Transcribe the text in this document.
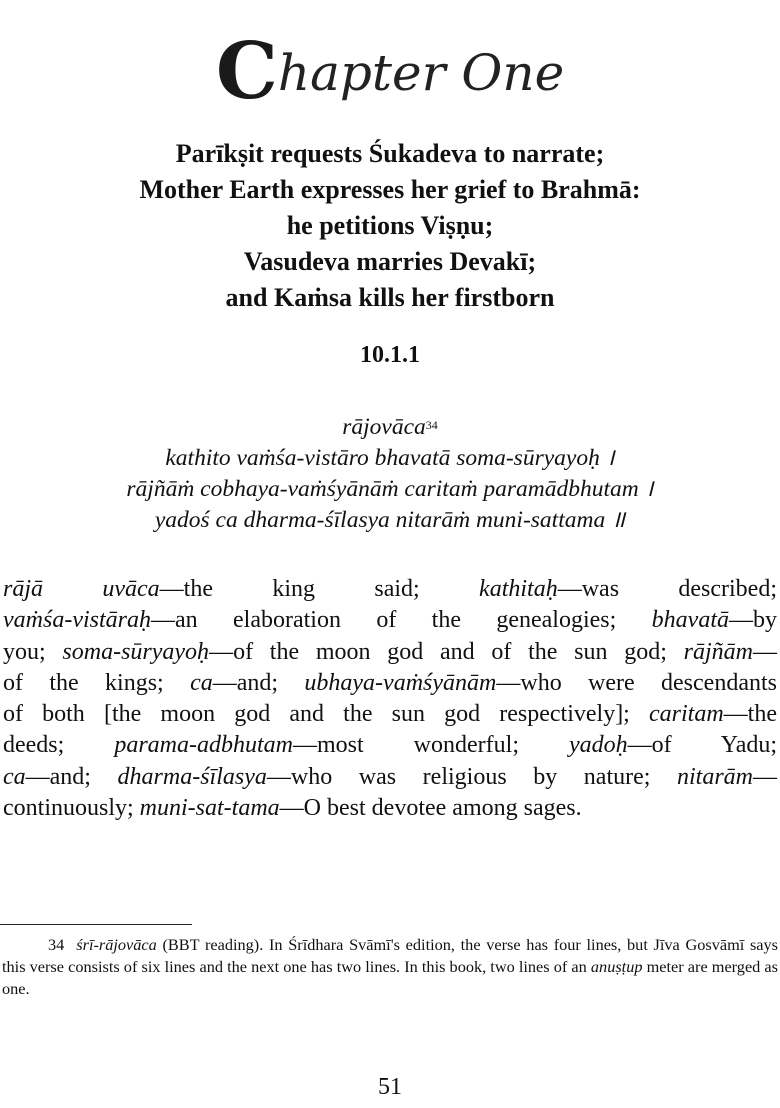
Chapter One
Parīkṣit requests Śukadeva to narrate;
Mother Earth expresses her grief to Brahmā:
he petitions Viṣṇu;
Vasudeva marries Devakī;
and Kaṁsa kills her firstborn
10.1.1
rājovāca$^{34}$
kathito vaṁśa-vistāro bhavatā soma-sūryayoḥ ।
rājñāṁ cobhaya-vaṁśyānāṁ caritaṁ paramādbhutam ।
yadoś ca dharma-śīlasya nitarāṁ muni-sattama ॥
rājā uvāca—the king said; kathitaḥ—was described;
vaṁśa-vistāraḥ—an elaboration of the genealogies; bhavatā—by
you; soma-sūryayoḥ—of the moon god and of the sun god; rājñām—
of the kings; ca—and; ubhaya-vaṁśyānām—who were descendants
of both [the moon god and the sun god respectively]; caritam—the
deeds; parama-adbhutam—most wonderful; yadoḥ—of Yadu;
ca—and; dharma-śīlasya—who was religious by nature; nitarām—
continuously; muni-sat-tama—O best devotee among sages.
34 śrī-rājovāca (BBT reading). In Śrīdhara Svāmī's edition, the verse has four lines, but Jīva Gosvāmī says this verse consists of six lines and the next one has two lines. In this book, two lines of an anuṣṭup meter are merged as one.
51
